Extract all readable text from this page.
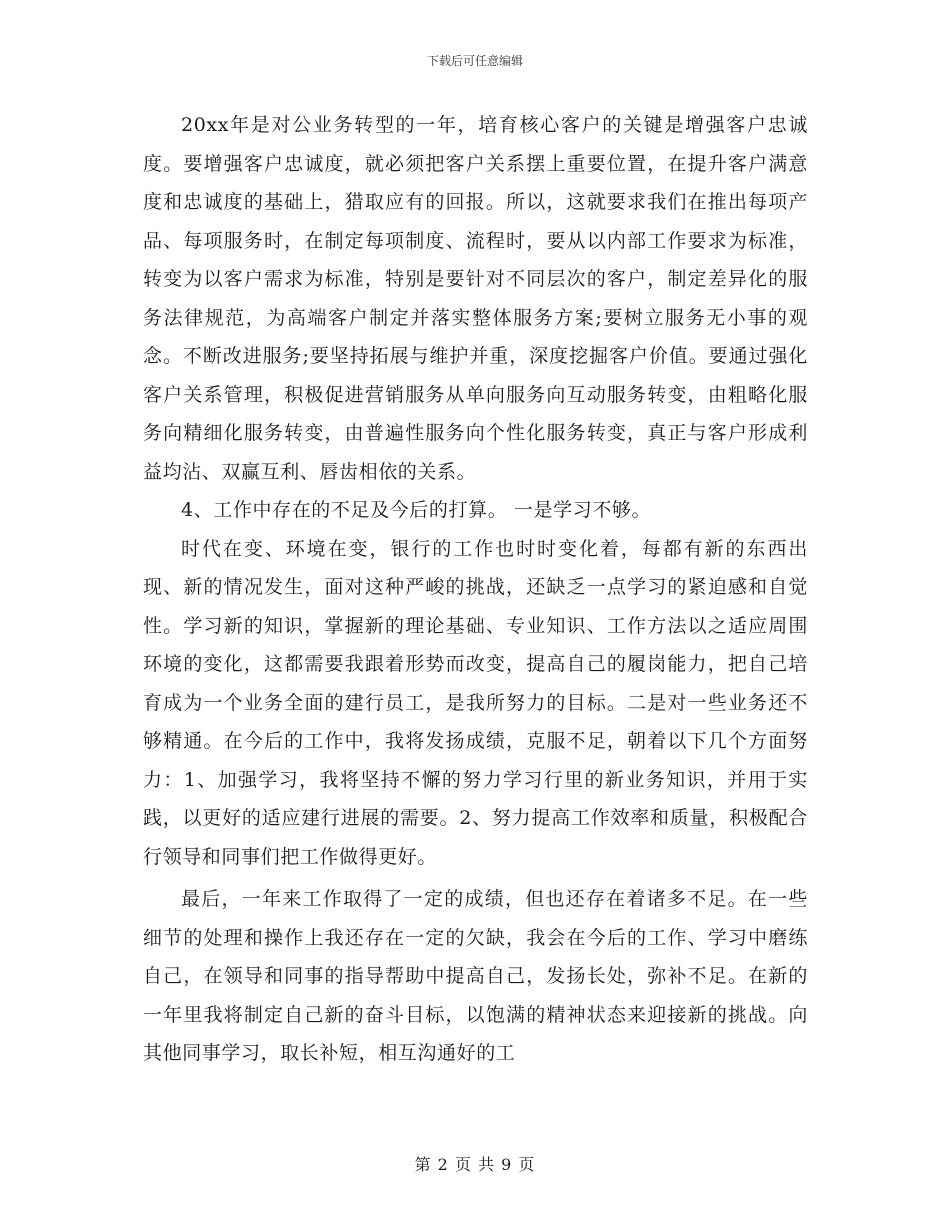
下载后可任意编辑

20xx年是对公业务转型的一年，培育核心客户的关键是增强客户忠诚度。要增强客户忠诚度，就必须把客户关系摆上重要位置，在提升客户满意度和忠诚度的基础上，猎取应有的回报。所以，这就要求我们在推出每项产品、每项服务时，在制定每项制度、流程时，要从以内部工作要求为标准，转变为以客户需求为标准，特别是要针对不同层次的客户，制定差异化的服务法律规范，为高端客户制定并落实整体服务方案;要树立服务无小事的观念。不断改进服务;要坚持拓展与维护并重，深度挖掘客户价值。要通过强化客户关系管理，积极促进营销服务从单向服务向互动服务转变，由粗略化服务向精细化服务转变，由普遍性服务向个性化服务转变，真正与客户形成利益均沾、双赢互利、唇齿相依的关系。

4、工作中存在的不足及今后的打算。 一是学习不够。

时代在变、环境在变，银行的工作也时时变化着，每都有新的东西出现、新的情况发生，面对这种严峻的挑战，还缺乏一点学习的紧迫感和自觉性。学习新的知识，掌握新的理论基础、专业知识、工作方法以之适应周围环境的变化，这都需要我跟着形势而改变，提高自己的履岗能力，把自己培育成为一个业务全面的建行员工，是我所努力的目标。二是对一些业务还不够精通。在今后的工作中，我将发扬成绩，克服不足，朝着以下几个方面努力：1、加强学习，我将坚持不懈的努力学习行里的新业务知识，并用于实践，以更好的适应建行进展的需要。2、努力提高工作效率和质量，积极配合行领导和同事们把工作做得更好。

最后，一年来工作取得了一定的成绩，但也还存在着诸多不足。在一些细节的处理和操作上我还存在一定的欠缺，我会在今后的工作、学习中磨练自己，在领导和同事的指导帮助中提高自己，发扬长处，弥补不足。在新的一年里我将制定自己新的奋斗目标，以饱满的精神状态来迎接新的挑战。向其他同事学习，取长补短，相互沟通好的工

第 2 页 共 9 页
